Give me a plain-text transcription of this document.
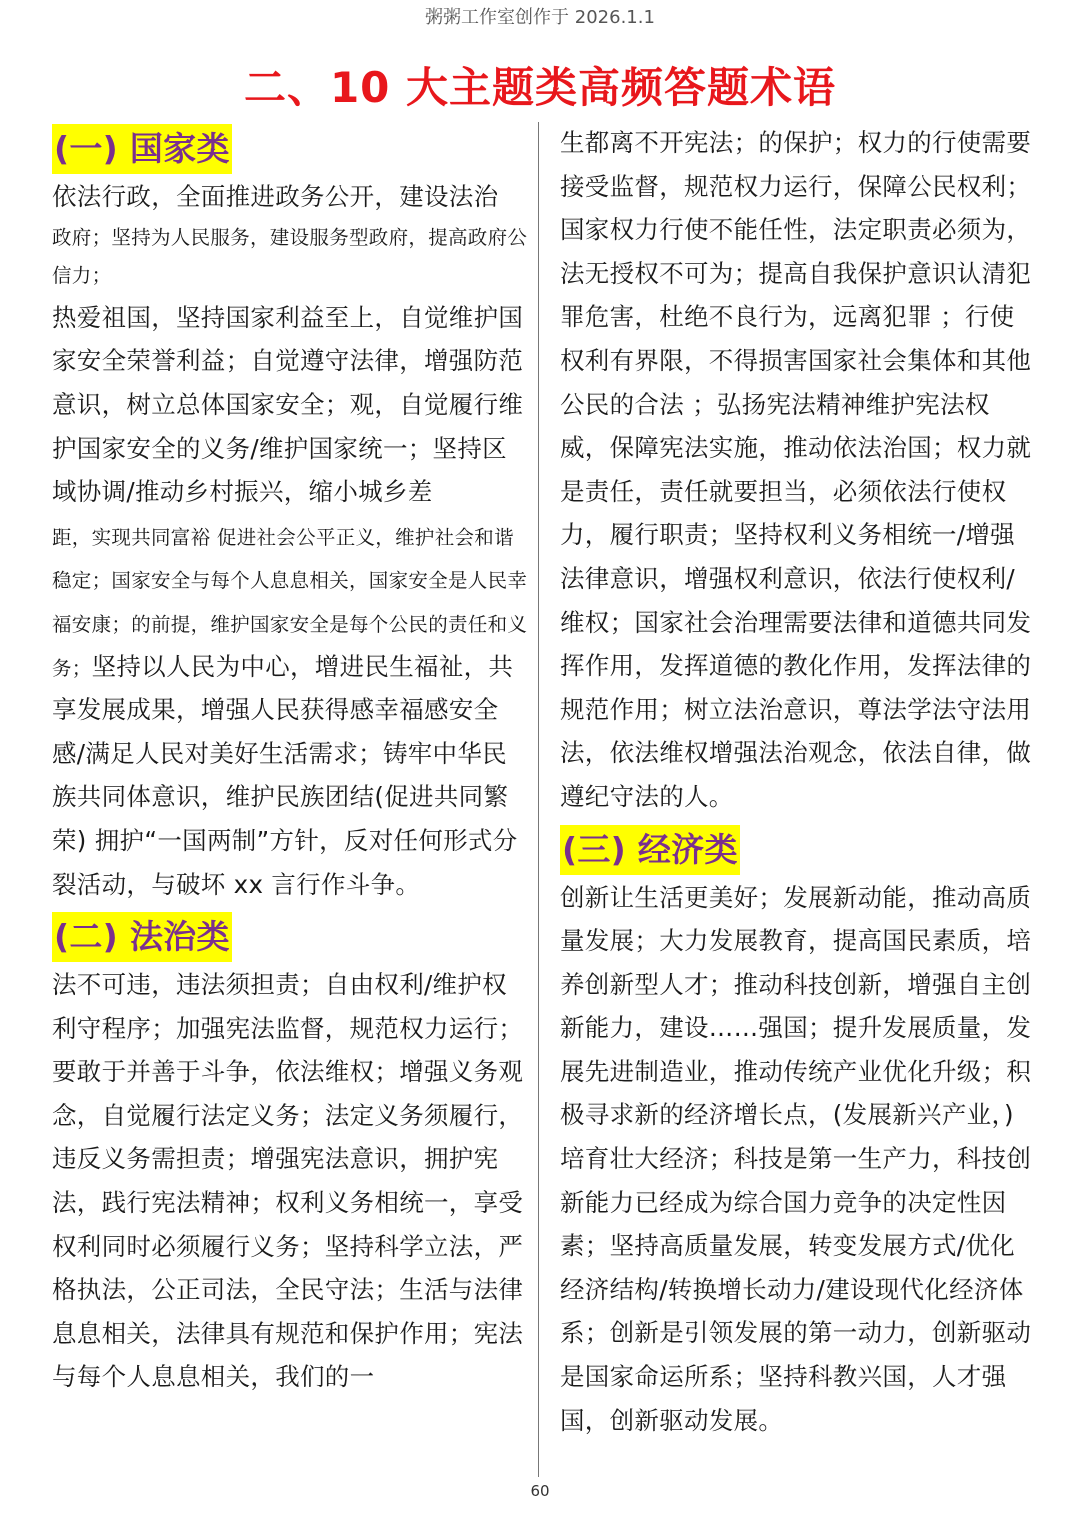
粥粥工作室创作于 2026.1.1
二、10 大主题类高频答题术语
(一) 国家类

依法行政，全面推进政务公开，建设法治

政府；坚持为人民服务，建设服务型政府，提高政府公信力；

热爱祖国，坚持国家利益至上，自觉维护国家安全荣誉利益；自觉遵守法律，增强防范意识，树立总体国家安全；观，自觉履行维护国家安全的义务/维护国家统一；坚持区域协调/推动乡村振兴，缩小城乡差

距，实现共同富裕 促进社会公平正义，维护社会和谐稳定；国家安全与每个人息息相关，国家安全是人民幸福安康；的前提，维护国家安全是每个公民的责任和义务；坚持以人民为中心，增进民生福祉，共享发展成果，增强人民获得感幸福感安全感/满足人民对美好生活需求；铸牢中华民族共同体意识，维护民族团结(促进共同繁荣) 拥护“一国两制”方针，反对任何形式分裂活动，与破坏 xx 言行作斗争。 (二) 法治类

法不可违，违法须担责；自由权利/维护权利守程序；加强宪法监督，规范权力运行；要敢于并善于斗争，依法维权；增强义务观念，自觉履行法定义务；法定义务须履行，违反义务需担责；增强宪法意识，拥护宪法，践行宪法精神；权利义务相统一，享受权利同时必须履行义务；坚持科学立法，严格执法，公正司法，全民守法；生活与法律息息相关，法律具有规范和保护作用；宪法与每个人息息相关，我们的一

生都离不开宪法；的保护；权力的行使需要接受监督，规范权力运行，保障公民权利；国家权力行使不能任性，法定职责必须为，法无授权不可为；提高自我保护意识认清犯罪危害，杜绝不良行为，远离犯罪 ；行使权利有界限，不得损害国家社会集体和其他公民的合法 ；弘扬宪法精神维护宪法权威，保障宪法实施，推动依法治国；权力就是责任，责任就要担当，必须依法行使权力，履行职责；坚持权利义务相统一/增强法律意识，增强权利意识，依法行使权利/维权；国家社会治理需要法律和道德共同发挥作用，发挥道德的教化作用，发挥法律的规范作用；树立法治意识，尊法学法守法用法，依法维权增强法治观念，依法自律，做遵纪守法的人。

(三) 经济类

创新让生活更美好；发展新动能，推动高质量发展；大力发展教育，提高国民素质，培养创新型人才；推动科技创新，增强自主创新能力，建设……强国；提升发展质量，发展先进制造业，推动传统产业优化升级；积极寻求新的经济增长点，(发展新兴产业，) 培育壮大经济；科技是第一生产力，科技创新能力已经成为综合国力竞争的决定性因素；坚持高质量发展，转变发展方式/优化经济结构/转换增长动力/建设现代化经济体系；创新是引领发展的第一动力，创新驱动是国家命运所系；坚持科教兴国，人才强国，创新驱动发展。

60
